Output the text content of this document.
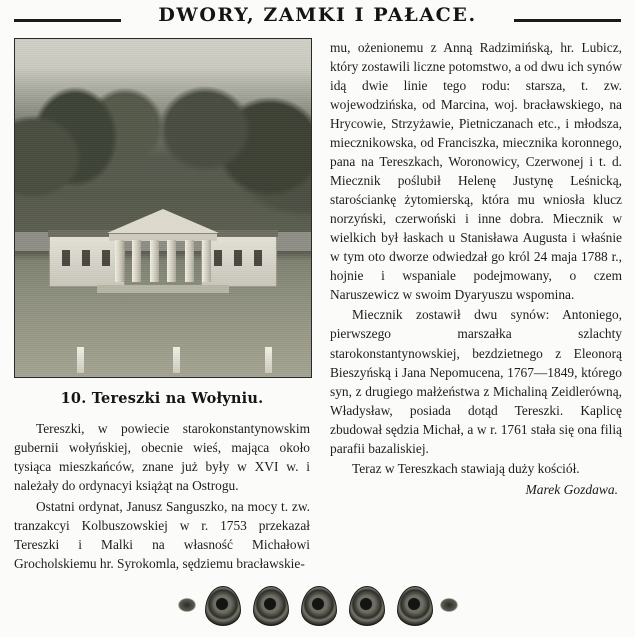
DWORY, ZAMKI I PAŁACE.
10. Tereszki na Wołyniu.

Tereszki, w powiecie starokonstantynowskim gubernii wołyńskiej, obecnie wieś, mająca około tysiąca mieszkańców, znane już były w XVI w. i należały do ordynacyi książąt na Ostrogu.

Ostatni ordynat, Janusz Sanguszko, na mocy t. zw. tranzakcyi Kolbuszowskiej w r. 1753 przekazał Tereszki i Malki na własność Michałowi Grocholskiemu hr. Syrokomla, sędziemu bracławskie-

mu, ożenionemu z Anną Radzimińską, hr. Lubicz, który zostawili liczne potomstwo, a od dwu ich synów idą dwie linie tego rodu: starsza, t. zw. wojewodzińska, od Marcina, woj. bracławskiego, na Hrycowie, Strzyżawie, Pietniczanach etc., i młodsza, miecznikowska, od Franciszka, miecznika koronnego, pana na Tereszkach, Woronowicy, Czerwonej i t. d. Miecznik poślubił Helenę Justynę Leśnicką, starościankę żytomierską, która mu wniosła klucz norzyński, czerwoński i inne dobra. Miecznik w wielkich był łaskach u Stanisława Augusta i właśnie w tym oto dworze odwiedzał go król 24 maja 1788 r., hojnie i wspaniale podejmowany, o czem Naruszewicz w swoim Dyaryuszu wspomina.

Miecznik zostawił dwu synów: Antoniego, pierwszego marszałka szlachty starokonstantynowskiej, bezdzietnego z Eleonorą Bieszyńską i Jana Nepomucena, 1767—1849, którego syn, z drugiego małżeństwa z Michaliną Zeidlerówną, Władysław, posiada dotąd Tereszki. Kaplicę zbudował sędzia Michał, a w r. 1761 stała się ona filią parafii bazaliskiej.

Teraz w Tereszkach stawiają duży kościół.

Marek Gozdawa.
